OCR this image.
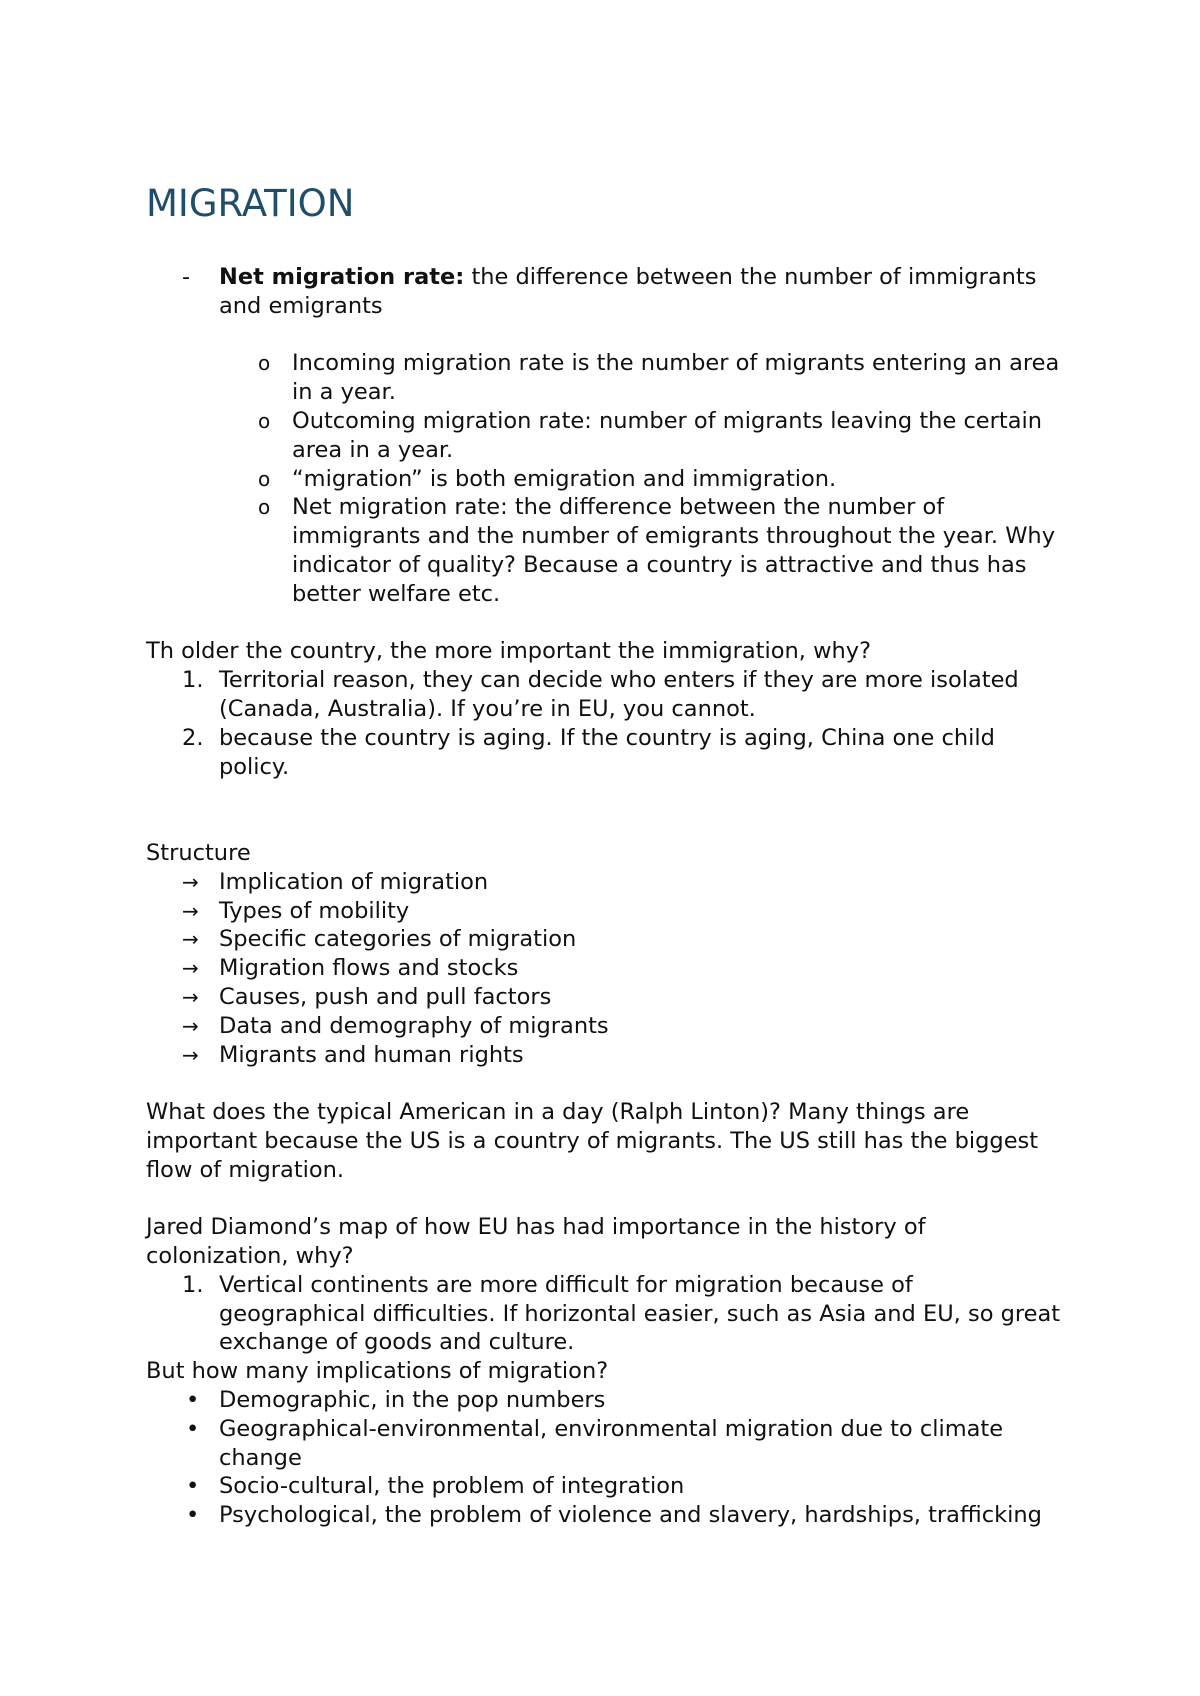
MIGRATION
- Net migration rate: the difference between the number of immigrants and emigrants
o Incoming migration rate is the number of migrants entering an area in a year.
o Outcoming migration rate: number of migrants leaving the certain area in a year.
o “migration” is both emigration and immigration.
o Net migration rate: the difference between the number of immigrants and the number of emigrants throughout the year. Why indicator of quality? Because a country is attractive and thus has better welfare etc.

Th older the country, the more important the immigration, why?

1. Territorial reason, they can decide who enters if they are more isolated (Canada, Australia). If you’re in EU, you cannot.
2. because the country is aging. If the country is aging, China one child policy.

Structure

→ Implication of migration
→ Types of mobility
→ Specific categories of migration
→ Migration flows and stocks
→ Causes, push and pull factors
→ Data and demography of migrants
→ Migrants and human rights

What does the typical American in a day (Ralph Linton)? Many things are important because the US is a country of migrants. The US still has the biggest flow of migration.

Jared Diamond’s map of how EU has had importance in the history of colonization, why?

1. Vertical continents are more difficult for migration because of geographical difficulties. If horizontal easier, such as Asia and EU, so great exchange of goods and culture.

But how many implications of migration?

• Demographic, in the pop numbers
• Geographical-environmental, environmental migration due to climate change
• Socio-cultural, the problem of integration
• Psychological, the problem of violence and slavery, hardships, trafficking
